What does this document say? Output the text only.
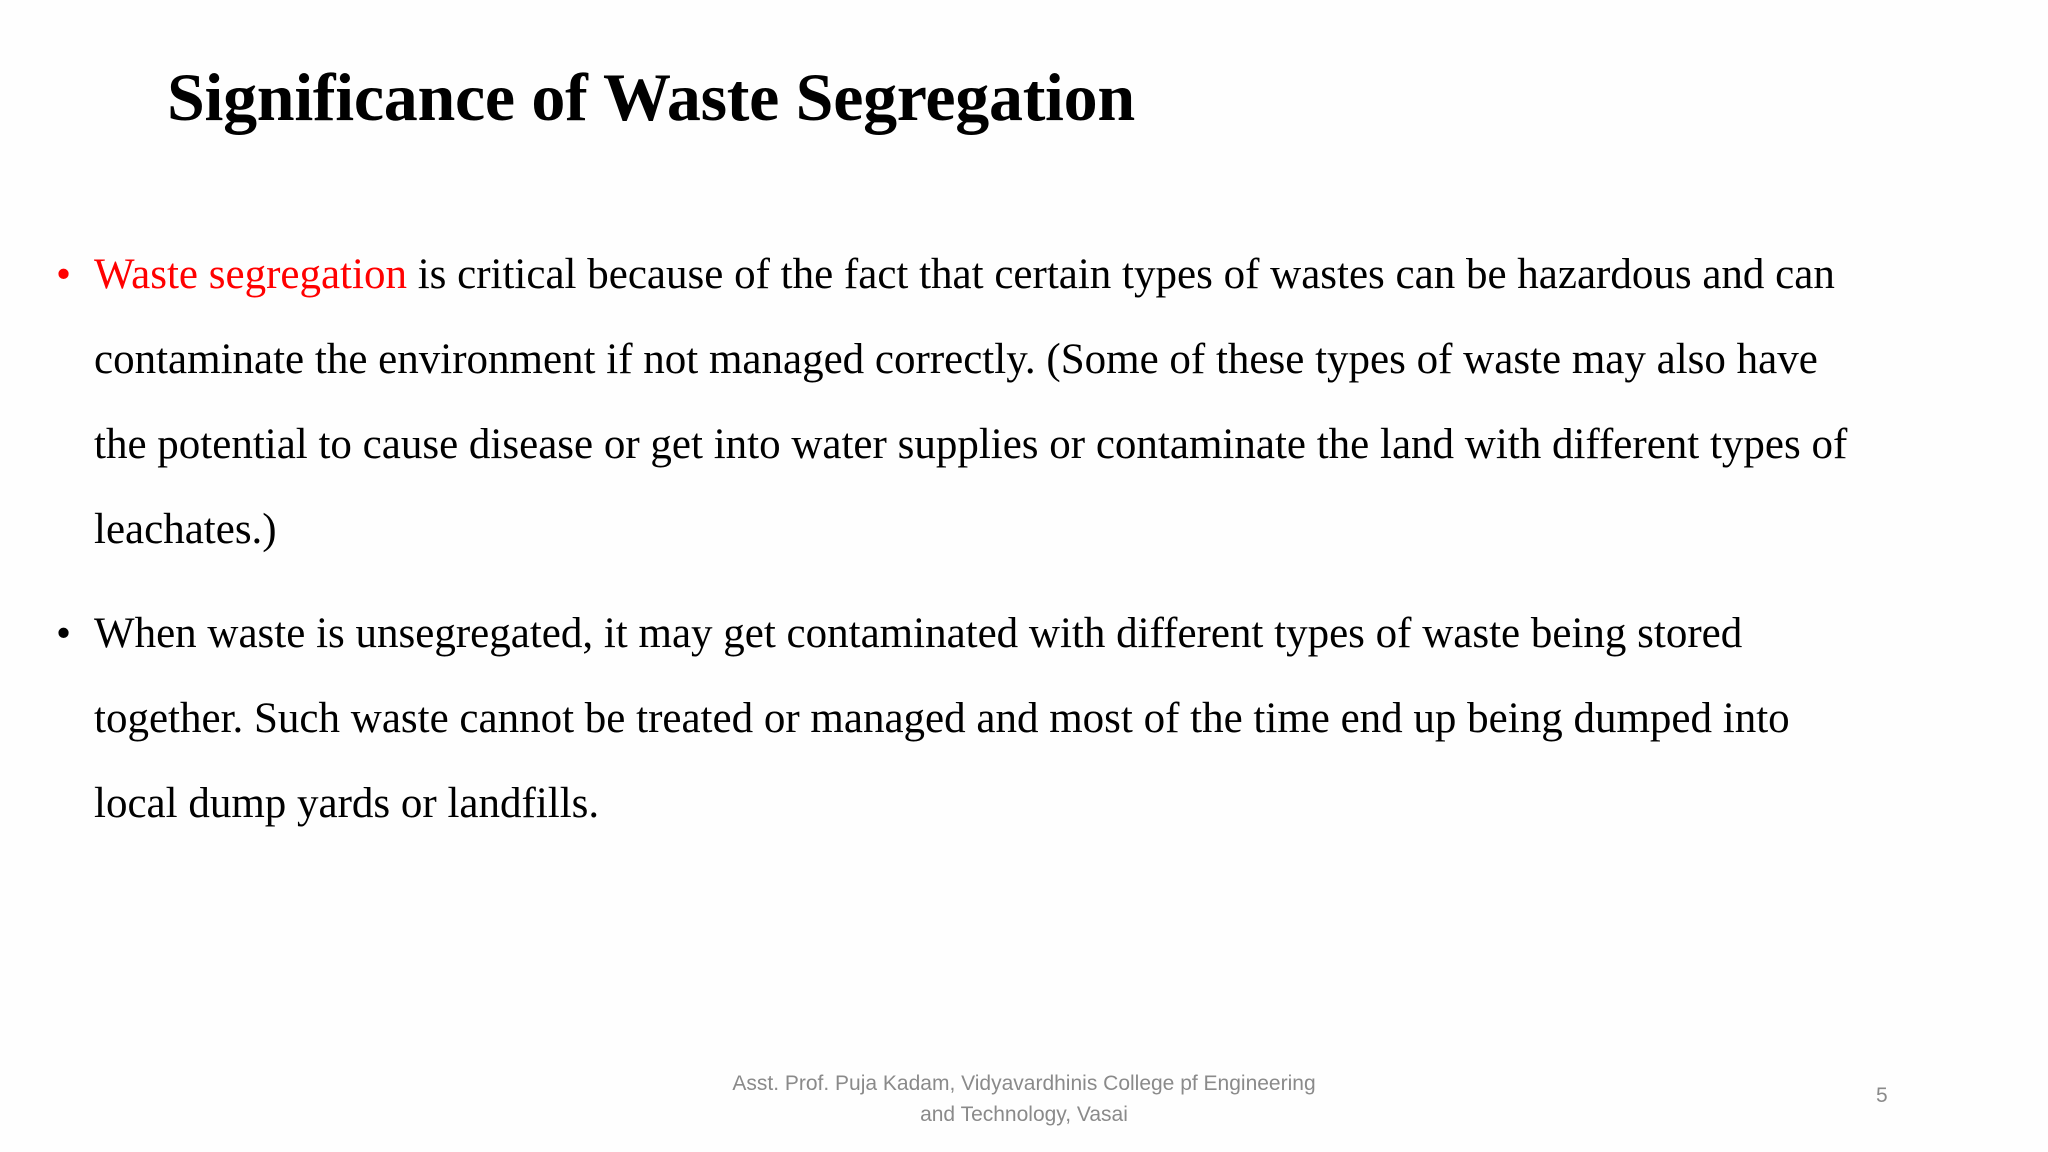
Significance of Waste Segregation
• Waste segregation is critical because of the fact that certain types of wastes can be hazardous and can
contaminate the environment if not managed correctly. (Some of these types of waste may also have
the potential to cause disease or get into water supplies or contaminate the land with different types of
leachates.)
• When waste is unsegregated, it may get contaminated with different types of waste being stored
together. Such waste cannot be treated or managed and most of the time end up being dumped into
local dump yards or landfills.
Asst. Prof. Puja Kadam, Vidyavardhinis College pf Engineering
and Technology, Vasai
5
